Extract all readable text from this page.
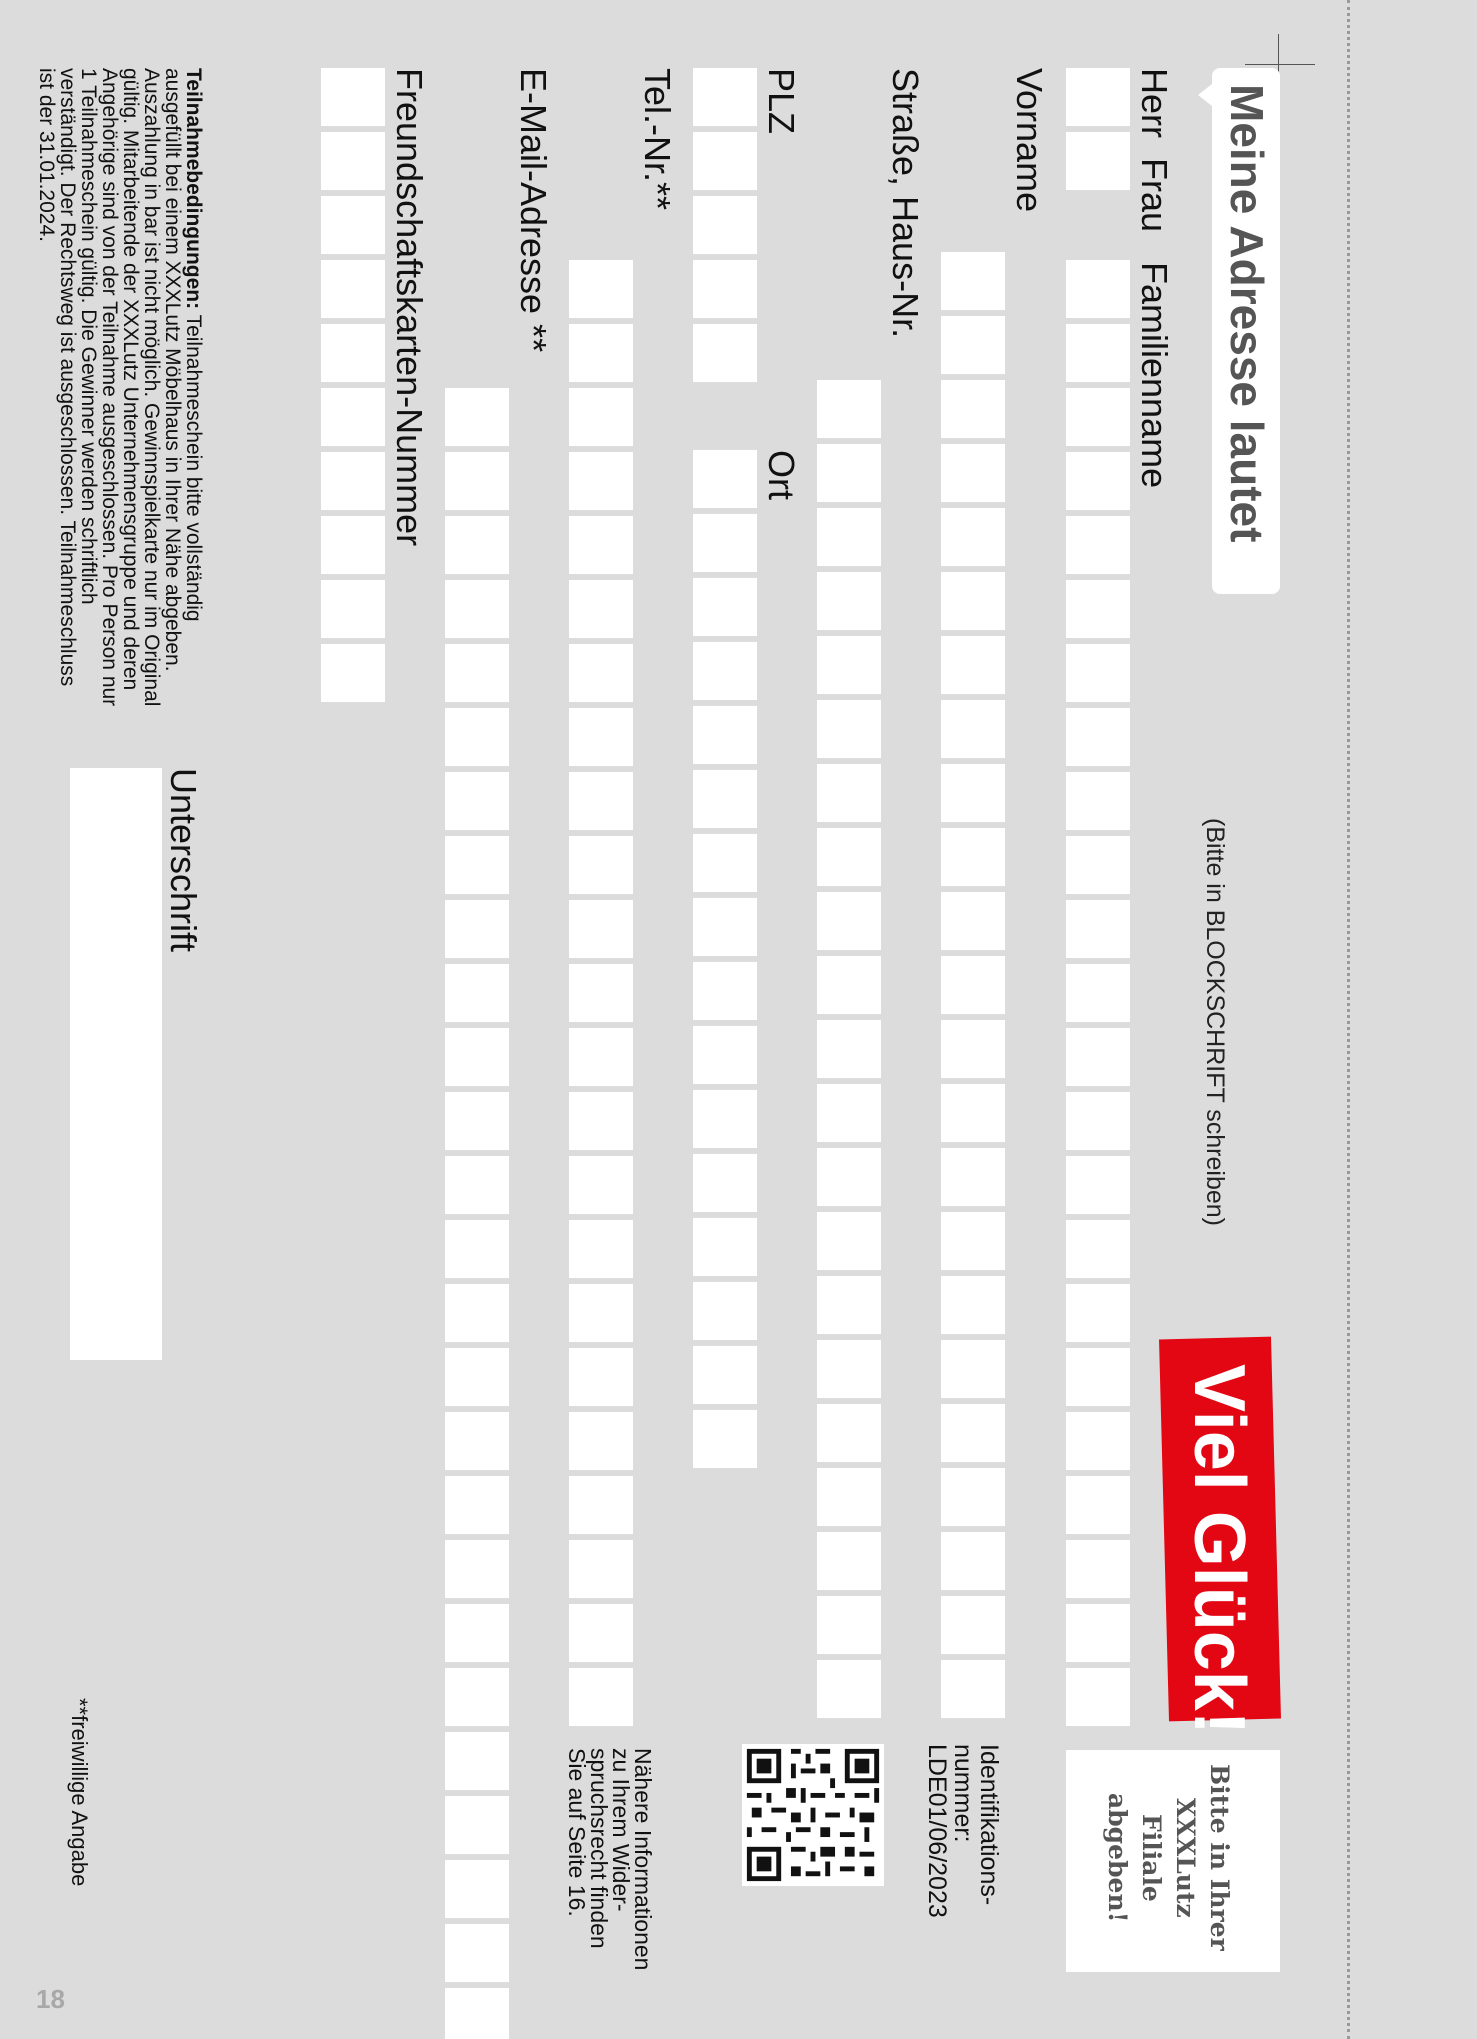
Meine Adresse lautet
Herr
Frau
Familienname
Vorname
Straße, Haus-Nr.
PLZ
Ort
Tel.-Nr.**
E-Mail-Adresse **
Freundschaftskarten-Nummer
(Bitte in BLOCKSCHRIFT schreiben)
Viel Glück!
Bitte in Ihrer
XXXLutz
Filiale
abgeben!
Identifikations-
nummer:
LDE01/06/2023
Nähere Informationen
zu Ihrem Wider-
spruchsrecht finden
Sie auf Seite 16.
Unterschrift
Teilnahmebedingungen: Teilnahmeschein bitte vollständig ausgefüllt bei einem XXXLutz Möbelhaus in Ihrer Nähe abgeben. Auszahlung in bar ist nicht möglich. Gewinnspielkarte nur im Original gültig. Mitarbeitende der XXXLutz Unternehmensgruppe und deren Angehörige sind von der Teilnahme ausgeschlossen. Pro Person nur 1 Teilnahmeschein gültig. Die Gewinner werden schriftlich verständigt. Der Rechtsweg ist ausgeschlossen. Teilnahmeschluss ist der 31.01.2024.
**freiwillige Angabe
18
